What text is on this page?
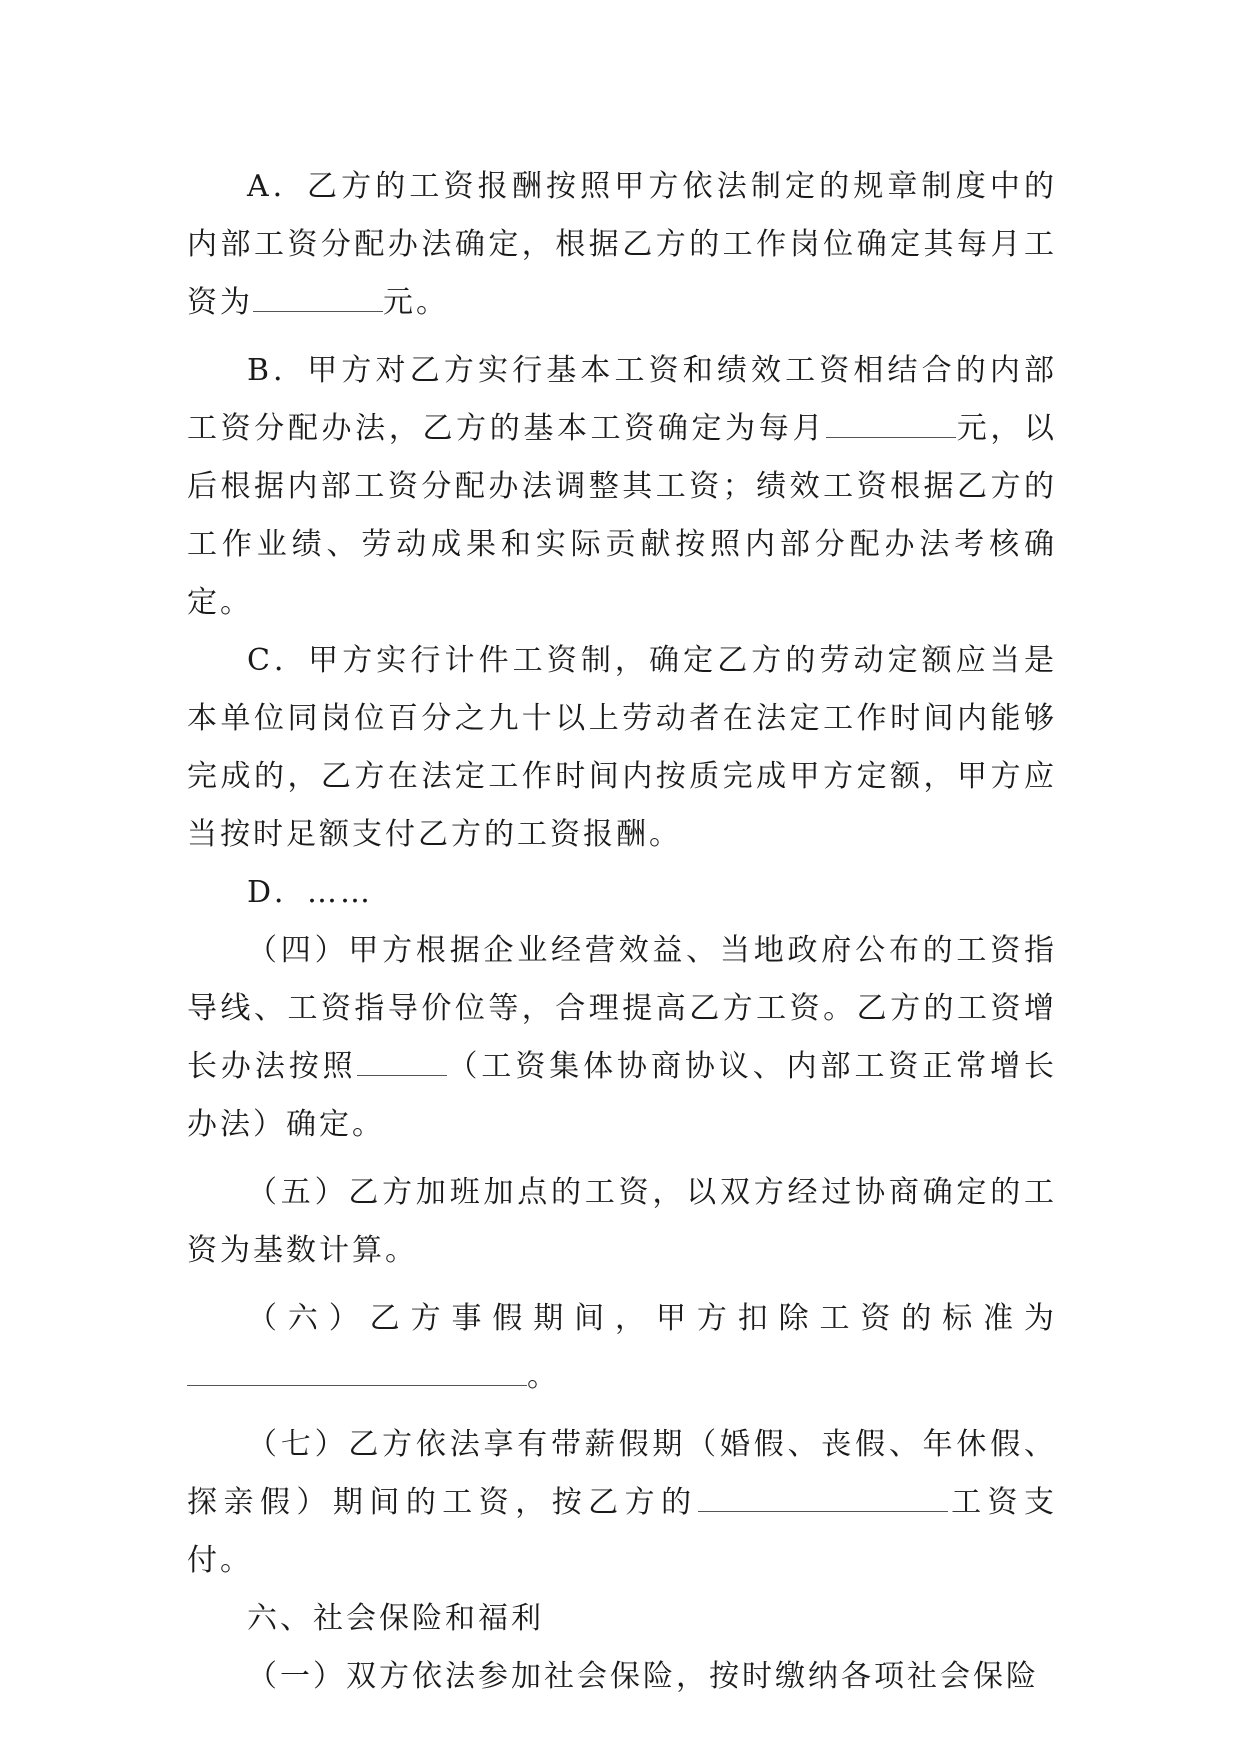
A．乙方的工资报酬按照甲方依法制定的规章制度中的内部工资分配办法确定，根据乙方的工作岗位确定其每月工资为	元。

B．甲方对乙方实行基本工资和绩效工资相结合的内部工资分配办法，乙方的基本工资确定为每月	元，以后根据内部工资分配办法调整其工资；绩效工资根据乙方的工作业绩、劳动成果和实际贡献按照内部分配办法考核确定。

C．甲方实行计件工资制，确定乙方的劳动定额应当是本单位同岗位百分之九十以上劳动者在法定工作时间内能够完成的，乙方在法定工作时间内按质完成甲方定额，甲方应当按时足额支付乙方的工资报酬。

D．……

（四）甲方根据企业经营效益、当地政府公布的工资指导线、工资指导价位等，合理提高乙方工资。乙方的工资增长办法按照	（工资集体协商协议、内部工资正常增长办法）确定。

（五）乙方加班加点的工资，以双方经过协商确定的工资为基数计算。

（六）乙方事假期间，甲方扣除工资的标准为。

（七）乙方依法享有带薪假期（婚假、丧假、年休假、探亲假）期间的工资，按乙方的	工资支付。

六、社会保险和福利

（一）双方依法参加社会保险，按时缴纳各项社会保险
